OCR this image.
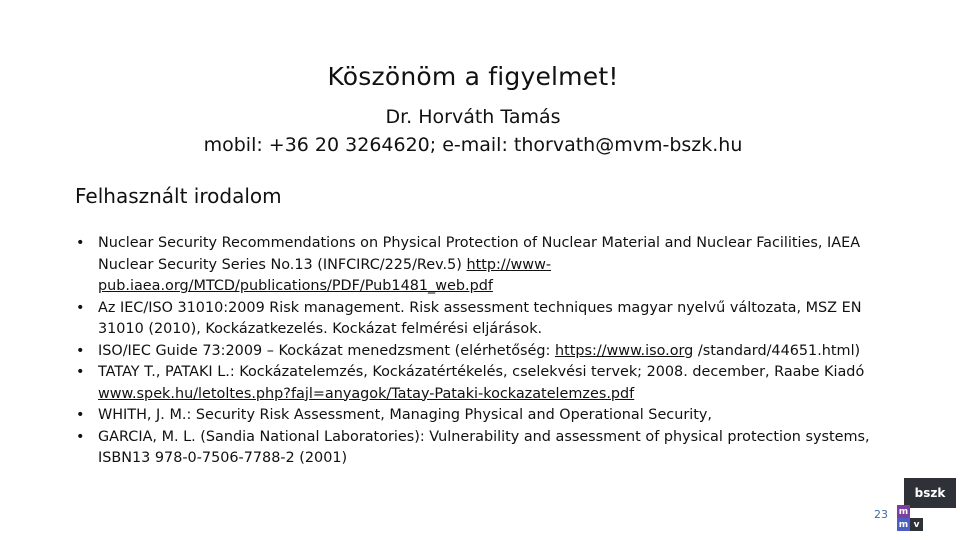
Köszönöm a figyelmet!
Dr. Horváth Tamás
mobil: +36 20 3264620; e-mail: thorvath@mvm-bszk.hu
Felhasznált irodalom
• Nuclear Security Recommendations on Physical Protection of Nuclear Material and Nuclear Facilities, IAEA Nuclear Security Series No.13 (INFCIRC/225/Rev.5) http://www-pub.iaea.org/MTCD/publications/PDF/Pub1481_web.pdf
• Az IEC/ISO 31010:2009 Risk management. Risk assessment techniques magyar nyelvű változata, MSZ EN 31010 (2010), Kockázatkezelés. Kockázat felmérési eljárások.
• ISO/IEC Guide 73:2009 – Kockázat menedzsment (elérhetőség: https://www.iso.org /standard/44651.html)
• TATAY T., PATAKI L.: Kockázatelemzés, Kockázatértékelés, cselekvési tervek; 2008. december, Raabe Kiadó www.spek.hu/letoltes.php?fajl=anyagok/Tatay-Pataki-kockazatelemzes.pdf
• WHITH, J. M.: Security Risk Assessment, Managing Physical and Operational Security,
• GARCIA, M. L. (Sandia National Laboratories): Vulnerability and assessment of physical protection systems, ISBN13 978-0-7506-7788-2 (2001)
23
bszk
m
v
m
